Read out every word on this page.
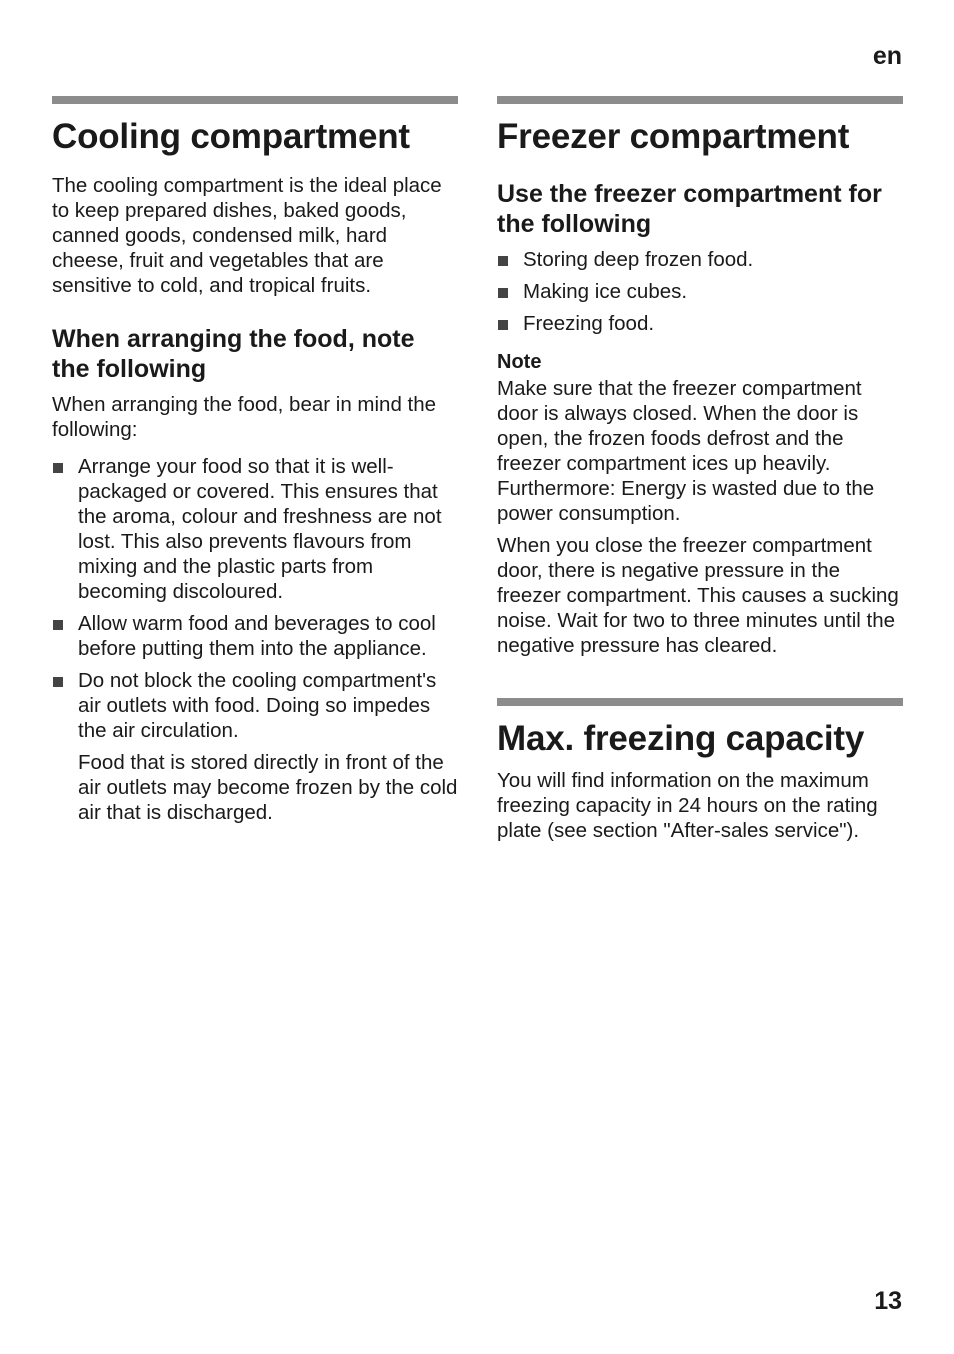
en
Cooling compartment

The cooling compartment is the ideal place to keep prepared dishes, baked goods, canned goods, condensed milk, hard cheese, fruit and vegetables that are sensitive to cold, and tropical fruits.

When arranging the food, note the following

When arranging the food, bear in mind the following:

Arrange your food so that it is well-packaged or covered. This ensures that the aroma, colour and freshness are not lost. This also prevents flavours from mixing and the plastic parts from becoming discoloured.
Allow warm food and beverages to cool before putting them into the appliance.
Do not block the cooling compartment's air outlets with food. Doing so impedes the air circulation.

Food that is stored directly in front of the air outlets may become frozen by the cold air that is discharged.

Freezer compartment
Use the freezer compartment for the following
Storing deep frozen food.
Making ice cubes.
Freezing food.
Note

Make sure that the freezer compartment door is always closed. When the door is open, the frozen foods defrost and the freezer compartment ices up heavily. Furthermore: Energy is wasted due to the power consumption.

When you close the freezer compartment door, there is negative pressure in the freezer compartment. This causes a sucking noise. Wait for two to three minutes until the negative pressure has cleared.

Max. freezing capacity

You will find information on the maximum freezing capacity in 24 hours on the rating plate (see section "After-sales service").

13
